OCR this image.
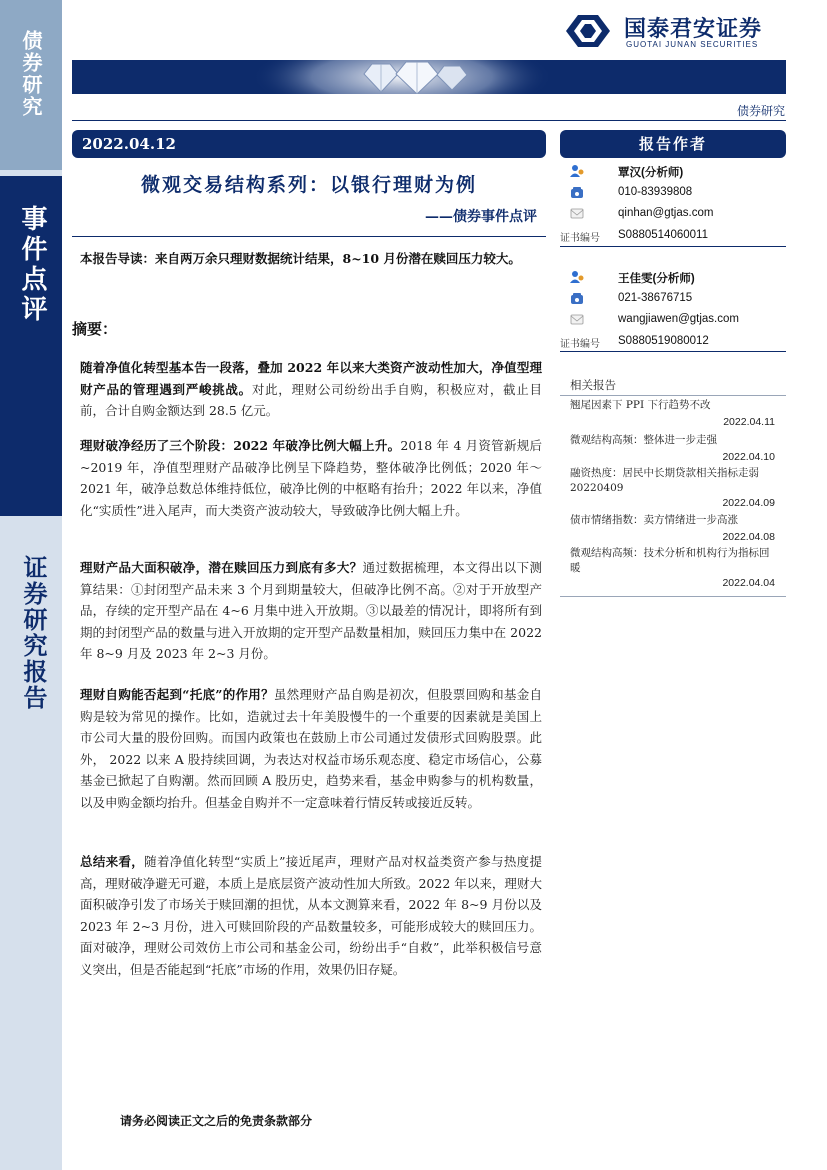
债券研究
事件点评
证券研究报告
国泰君安证券
GUOTAI JUNAN SECURITIES
债券研究
2022.04.12
微观交易结构系列：以银行理财为例
——债券事件点评
本报告导读：来自两万余只理财数据统计结果，8~10 月份潜在赎回压力较大。
摘要：
随着净值化转型基本告一段落，叠加 2022 年以来大类资产波动性加大，净值型理财产品的管理遇到严峻挑战。对此，理财公司纷纷出手自购，积极应对，截止目前，合计自购金额达到 28.5 亿元。
理财破净经历了三个阶段：2022 年破净比例大幅上升。2018 年 4 月资管新规后~2019 年，净值型理财产品破净比例呈下降趋势，整体破净比例低；2020 年～2021 年，破净总数总体维持低位，破净比例的中枢略有抬升；2022 年以来，净值化“实质性”进入尾声，而大类资产波动较大，导致破净比例大幅上升。
理财产品大面积破净，潜在赎回压力到底有多大？通过数据梳理，本文得出以下测算结果：①封闭型产品未来 3 个月到期量较大，但破净比例不高。②对于开放型产品，存续的定开型产品在 4~6 月集中进入开放期。③以最差的情况计，即将所有到期的封闭型产品的数量与进入开放期的定开型产品数量相加，赎回压力集中在 2022 年 8~9 月及 2023 年 2~3 月份。
理财自购能否起到“托底”的作用？虽然理财产品自购是初次，但股票回购和基金自购是较为常见的操作。比如，造就过去十年美股慢牛的一个重要的因素就是美国上市公司大量的股份回购。而国内政策也在鼓励上市公司通过发债形式回购股票。此外， 2022 以来 A 股持续回调，为表达对权益市场乐观态度、稳定市场信心，公募基金已掀起了自购潮。然而回顾 A 股历史，趋势来看，基金申购参与的机构数量，以及申购金额均抬升。但基金自购并不一定意味着行情反转或接近反转。
总结来看，随着净值化转型“实质上”接近尾声，理财产品对权益类资产参与热度提高，理财破净避无可避，本质上是底层资产波动性加大所致。2022 年以来，理财大面积破净引发了市场关于赎回潮的担忧，从本文测算来看，2022 年 8~9 月份以及 2023 年 2~3 月份，进入可赎回阶段的产品数量较多，可能形成较大的赎回压力。面对破净，理财公司效仿上市公司和基金公司，纷纷出手“自救”，此举积极信号意义突出，但是否能起到“托底”市场的作用，效果仍旧存疑。
请务必阅读正文之后的免责条款部分
报告作者
覃汉(分析师)
010-83939808
qinhan@gtjas.com
证书编号 S0880514060011
王佳雯(分析师)
021-38676715
wangjiawen@gtjas.com
证书编号 S0880519080012
相关报告
翘尾因素下 PPI 下行趋势不改
2022.04.11
微观结构高频：整体进一步走强
2022.04.10
融资热度：居民中长期贷款相关指标走弱 20220409
2022.04.09
债市情绪指数：卖方情绪进一步高涨
2022.04.08
微观结构高频：技术分析和机构行为指标回暖
2022.04.04
